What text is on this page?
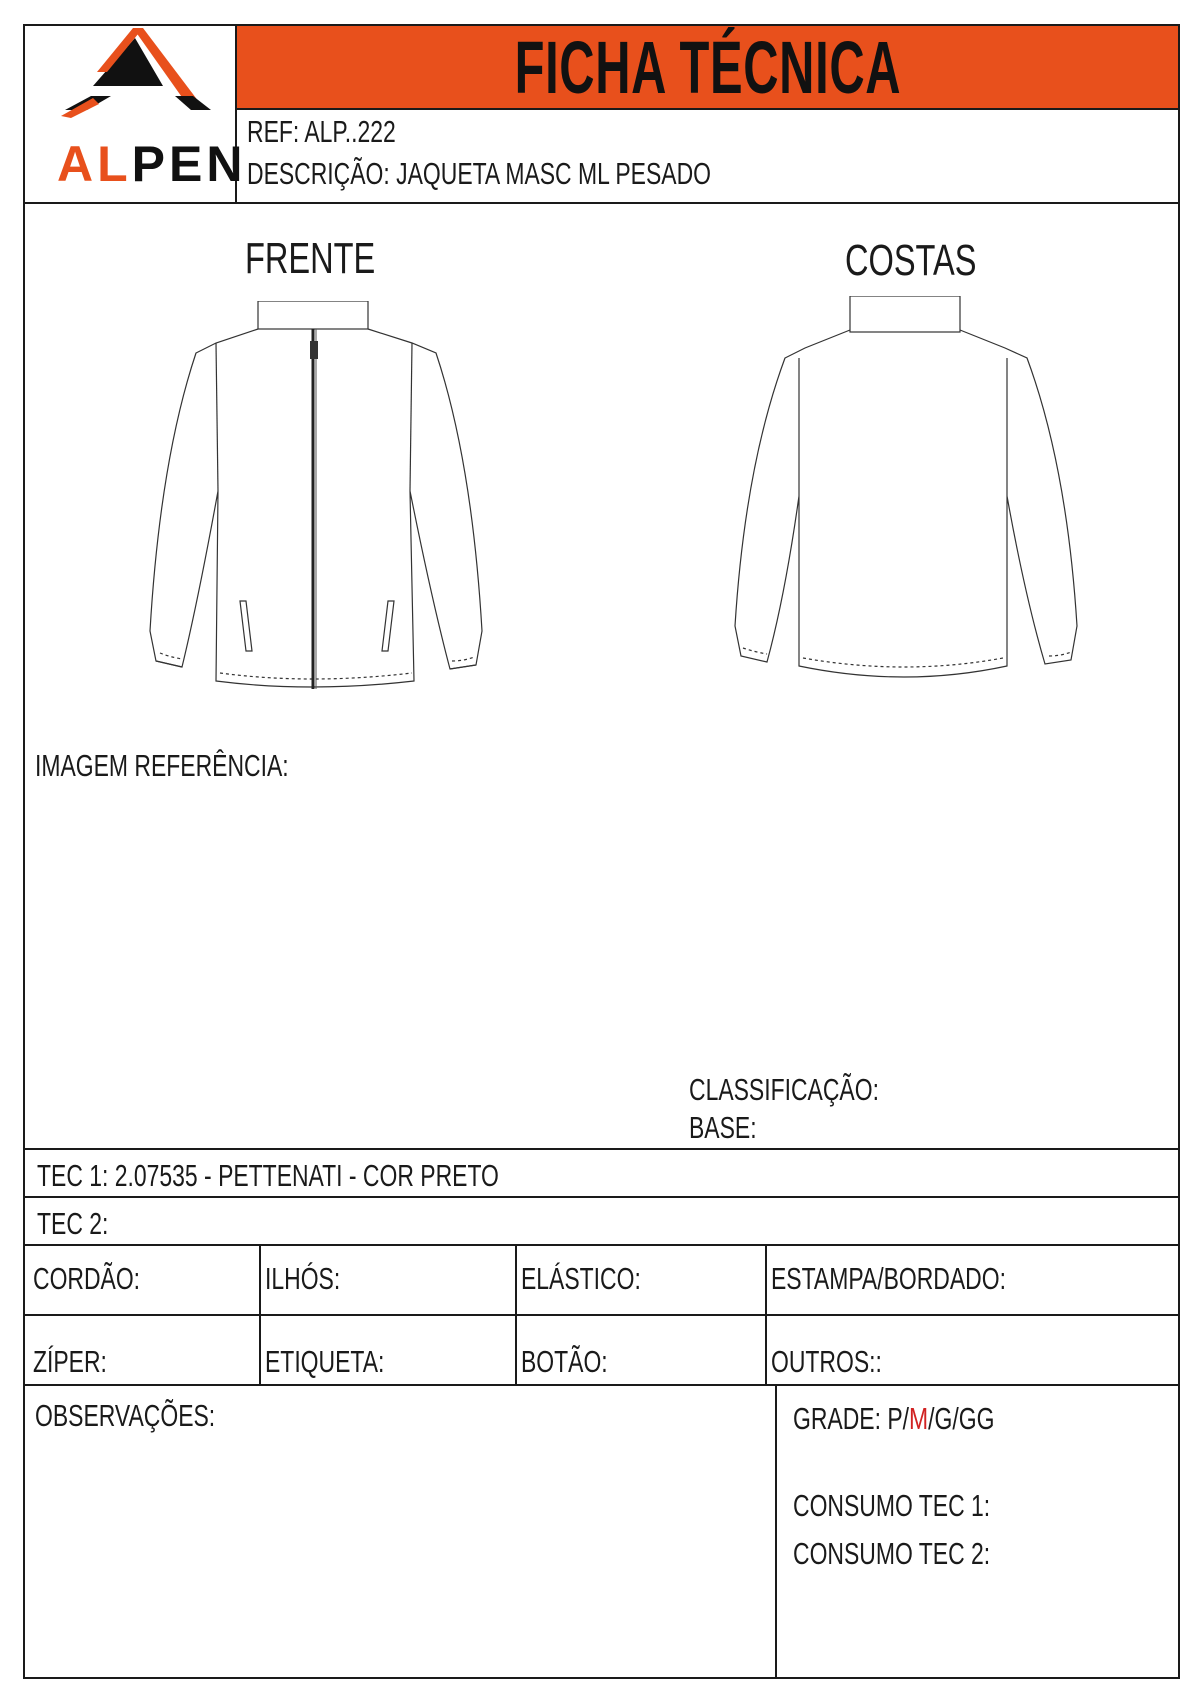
ALPEN
FICHA TÉCNICA
REF: ALP..222
DESCRIÇÃO: JAQUETA MASC ML PESADO
FRENTE	COSTAS
IMAGEM REFERÊNCIA:
CLASSIFICAÇÃO:
BASE:
TEC 1: 2.07535 - PETTENATI - COR PRETO
TEC 2:
CORDÃO:	ILHÓS:	ELÁSTICO:	ESTAMPA/BORDADO:
ZÍPER:	ETIQUETA:	BOTÃO:	OUTROS::
OBSERVAÇÕES:	GRADE: P/M/G/GG
CONSUMO TEC 1:
CONSUMO TEC 2:
